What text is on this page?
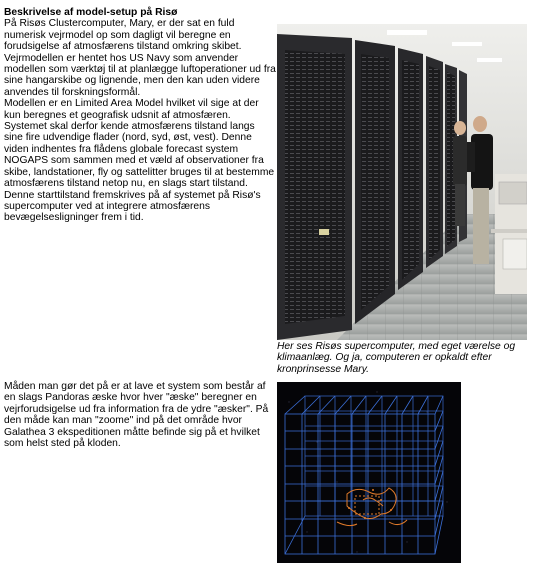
Beskrivelse af model-setup på Risø
På Risøs Clustercomputer, Mary, er der sat en fuld numerisk vejrmodel op som dagligt vil beregne en forudsigelse af atmosfærens tilstand omkring skibet. Vejrmodellen er hentet hos US Navy som anvender modellen som værktøj til at planlægge luftoperationer ud fra sine hangarskibe og lignende, men den kan uden videre anvendes til forskningsformål.
Modellen er en Limited Area Model hvilket vil sige at der kun beregnes et geografisk udsnit af atmosfæren. Systemet skal derfor kende atmosfærens tilstand langs sine fire udvendige flader (nord, syd, øst, vest). Denne viden indhentes fra flådens globale forecast system NOGAPS som sammen med et væld af observationer fra skibe, landstationer, fly og sattelitter bruges til at bestemme atmosfærens tilstand netop nu, en slags start tilstand. Denne starttilstand fremskrives på af systemet på Risø's supercomputer ved at integrere atmosfærens bevægelsesligninger frem i tid.
Her ses Risøs supercomputer, med eget værelse og klimaanlæg. Og ja, computeren er opkaldt efter kronprinsesse Mary.
Måden man gør det på er at lave et system som består af en slags Pandoras æske hvor hver "æske" beregner en vejrforudsigelse ud fra information fra de ydre "æsker". På den måde kan man "zoome" ind på det område hvor Galathea 3 ekspeditionen måtte befinde sig på et hvilket som helst sted på kloden.
